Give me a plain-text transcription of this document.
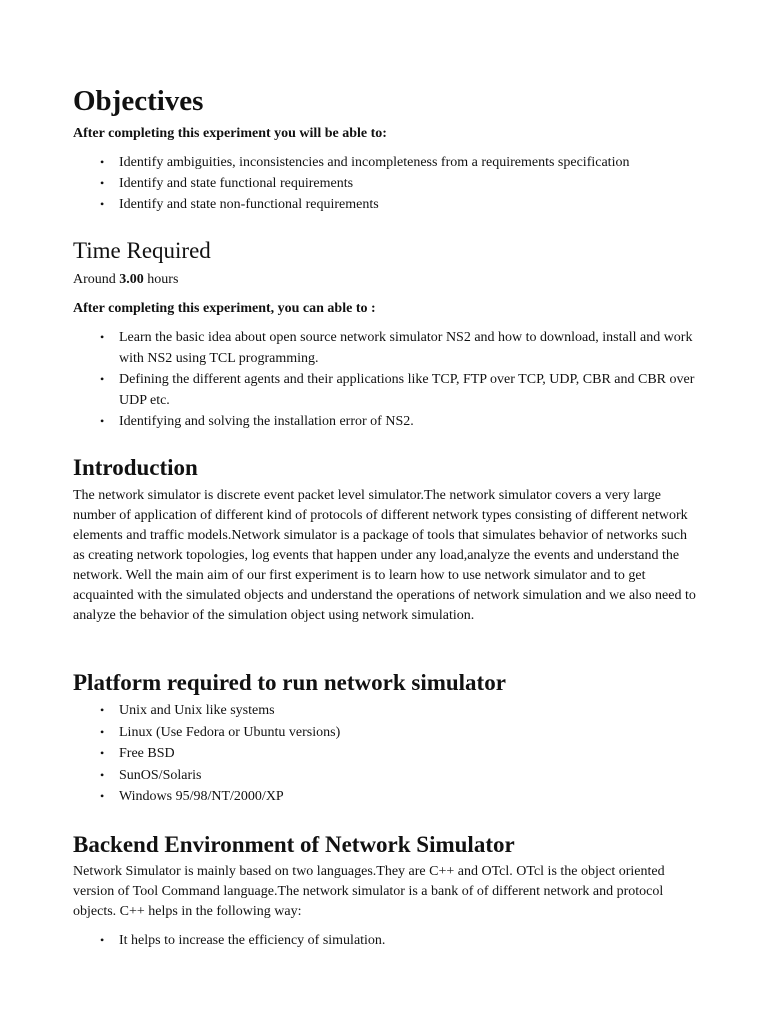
Objectives

After completing this experiment you will be able to:

• Identify ambiguities, inconsistencies and incompleteness from a requirements specification
• Identify and state functional requirements
• Identify and state non-functional requirements
Time Required

Around 3.00 hours

After completing this experiment, you can able to :

• Learn the basic idea about open source network simulator NS2 and how to download, install and work with NS2 using TCL programming.
• Defining the different agents and their applications like TCP, FTP over TCP, UDP, CBR and CBR over UDP etc.
• Identifying and solving the installation error of NS2.
Introduction

The network simulator is discrete event packet level simulator.The network simulator covers a very large number of application of different kind of protocols of different network types consisting of different network elements and traffic models.Network simulator is a package of tools that simulates behavior of networks such as creating network topologies, log events that happen under any load,analyze the events and understand the network. Well the main aim of our first experiment is to learn how to use network simulator and to get acquainted with the simulated objects and understand the operations of network simulation and we also need to analyze the behavior of the simulation object using network simulation.

Platform required to run network simulator
• Unix and Unix like systems
• Linux (Use Fedora or Ubuntu versions)
• Free BSD
• SunOS/Solaris
• Windows 95/98/NT/2000/XP
Backend Environment of Network Simulator

Network Simulator is mainly based on two languages.They are C++ and OTcl. OTcl is the object oriented version of Tool Command language.The network simulator is a bank of of different network and protocol objects. C++ helps in the following way:

• It helps to increase the efficiency of simulation.
